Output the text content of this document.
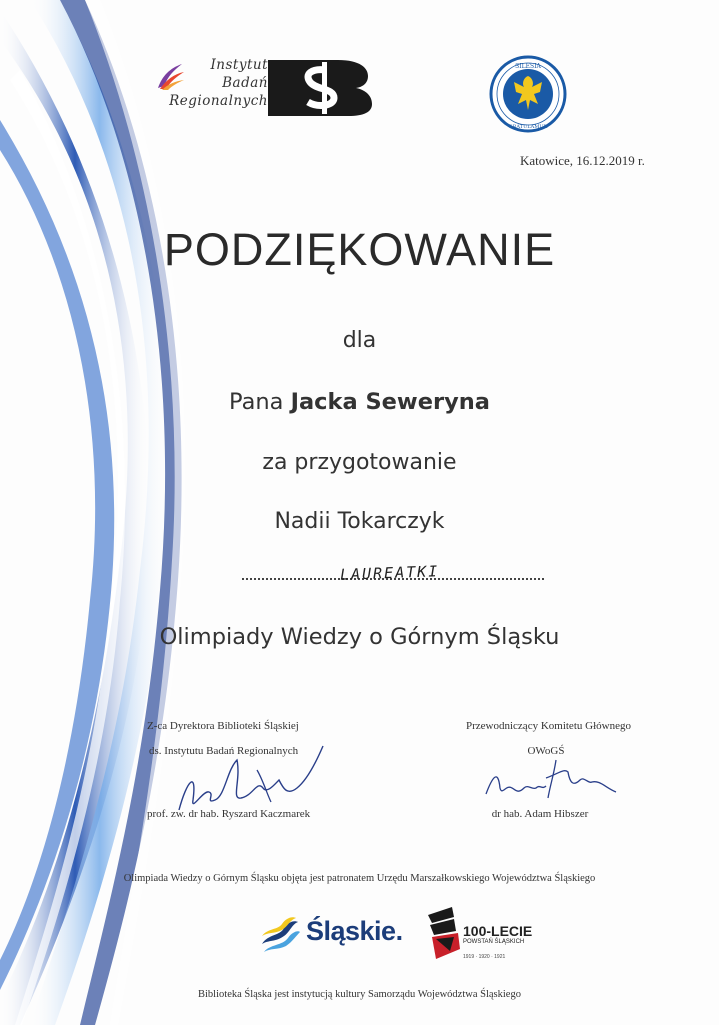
Instytut
Badań
Regionalnych
SILESIA
GRATULAMUR
Katowice, 16.12.2019 r.
PODZIĘKOWANIE
dla
Pana Jacka Seweryna
za przygotowanie
Nadii Tokarczyk
LAUREATKI
Olimpiady Wiedzy o Górnym Śląsku
Z-ca Dyrektora Biblioteki Śląskiej
ds. Instytutu Badań Regionalnych
prof. zw. dr hab. Ryszard Kaczmarek
Przewodniczący Komitetu Głównego
OWoGŚ
dr hab. Adam Hibszer
Olimpiada Wiedzy o Górnym Śląsku objęta jest patronatem Urzędu Marszałkowskiego Województwa Śląskiego
Śląskie.	100-LECIE
POWSTAŃ ŚLĄSKICH
1919 · 1920 · 1921
Biblioteka Śląska jest instytucją kultury Samorządu Województwa Śląskiego
